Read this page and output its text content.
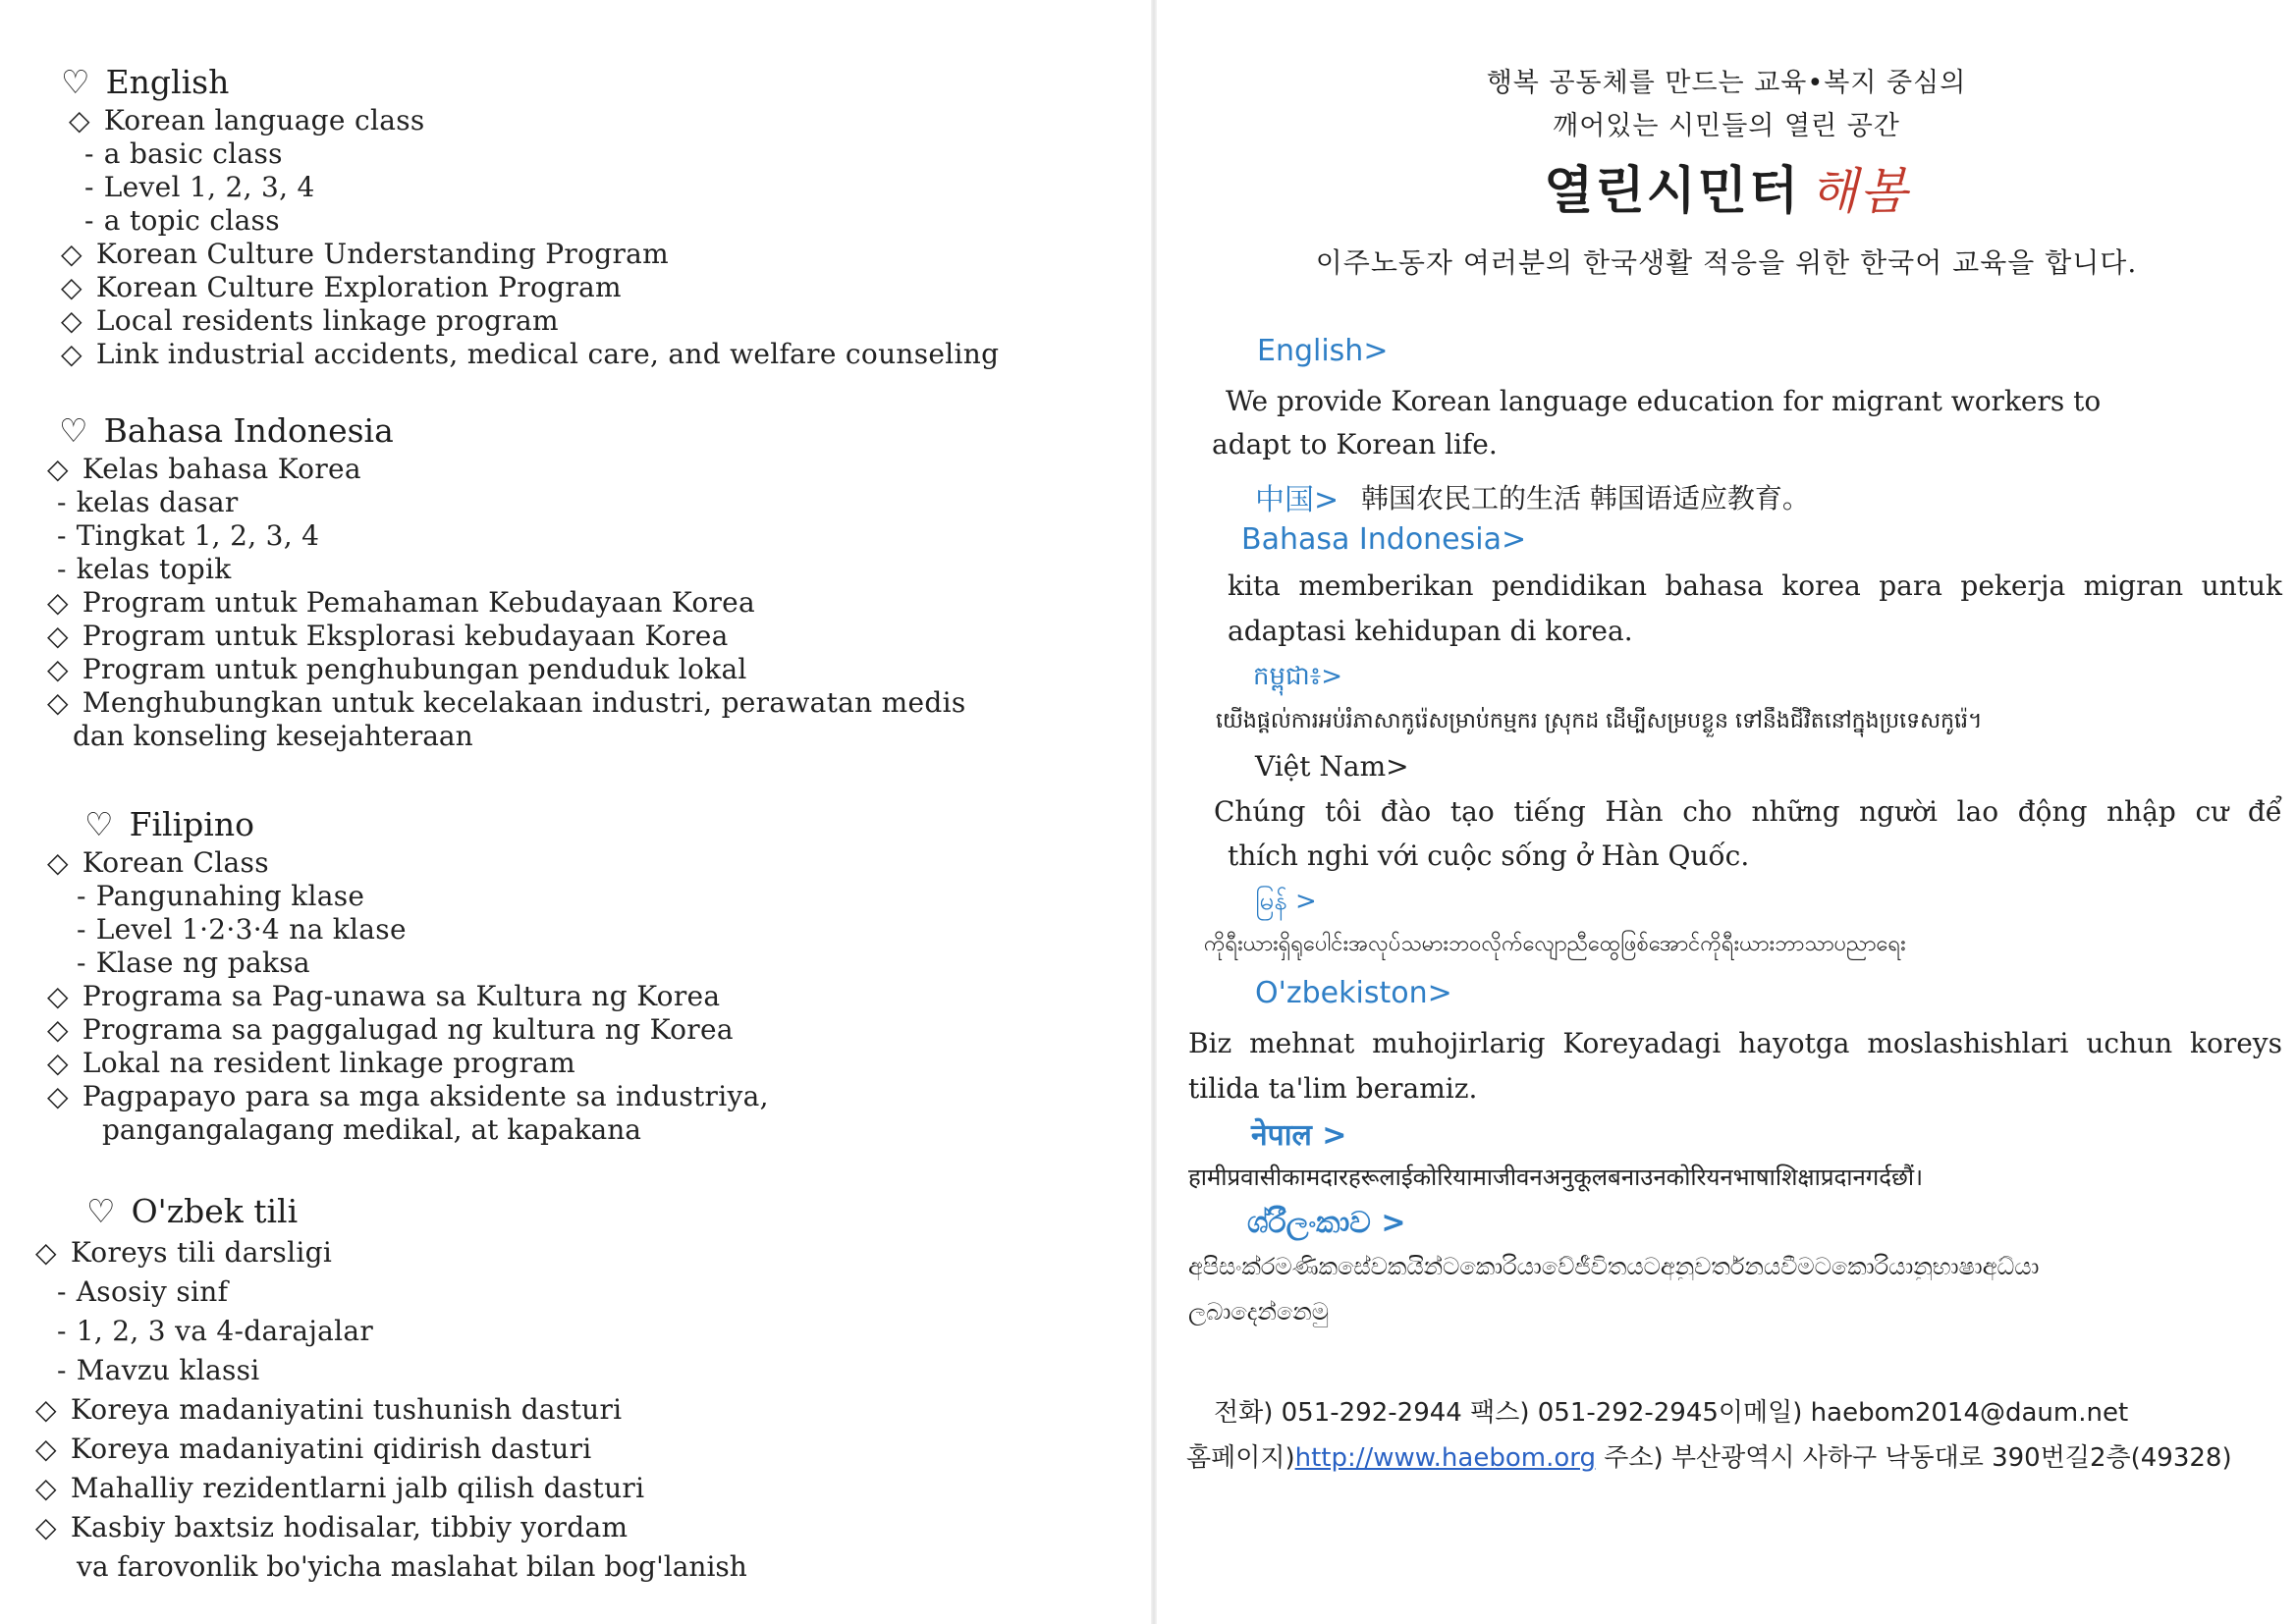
♡ English
◇ Korean language class
- a basic class
- Level 1, 2, 3, 4
- a topic class
◇ Korean Culture Understanding Program
◇ Korean Culture Exploration Program
◇ Local residents linkage program
◇ Link industrial accidents, medical care, and welfare counseling
♡ Bahasa Indonesia
◇ Kelas bahasa Korea
- kelas dasar
- Tingkat 1, 2, 3, 4
- kelas topik
◇ Program untuk Pemahaman Kebudayaan Korea
◇ Program untuk Eksplorasi kebudayaan Korea
◇ Program untuk penghubungan penduduk lokal
◇ Menghubungkan untuk kecelakaan industri, perawatan medis
dan konseling kesejahteraan
♡ Filipino
◇ Korean Class
- Pangunahing klase
- Level 1·2·3·4 na klase
- Klase ng paksa
◇ Programa sa Pag-unawa sa Kultura ng Korea
◇ Programa sa paggalugad ng kultura ng Korea
◇ Lokal na resident linkage program
◇ Pagpapayo para sa mga aksidente sa industriya,
pangangalagang medikal, at kapakana
♡ O'zbek tili
◇ Koreys tili darsligi
- Asosiy sinf
- 1, 2, 3 va 4-darajalar
- Mavzu klassi
◇ Koreya madaniyatini tushunish dasturi
◇ Koreya madaniyatini qidirish dasturi
◇ Mahalliy rezidentlarni jalb qilish dasturi
◇ Kasbiy baxtsiz hodisalar, tibbiy yordam
va farovonlik bo'yicha maslahat bilan bog'lanish
행복 공동체를 만드는 교육•복지 중심의
깨어있는 시민들의 열린 공간
열린시민터 해봄
이주노동자 여러분의 한국생활 적응을 위한 한국어 교육을 합니다.
English>
We provide Korean language education for migrant workers to
adapt to Korean life.
中国> 韩国农民工的生活 韩国语适应教育。
Bahasa Indonesia>
kita memberikan pendidikan bahasa korea para pekerja migran untuk
adaptasi kehidupan di korea.
កម្ពុជា៖>
យើងផ្តល់ការអប់រំភាសាកូរ៉េសម្រាប់កម្មករ ស្រុកដ ដើម្បីសម្របខ្លួន ទៅនឹងជីវិតនៅក្នុងប្រទេសកូរ៉េ។
Việt Nam>
Chúng tôi đào tạo tiếng Hàn cho những người lao động nhập cư để
thích nghi với cuộc sống ở Hàn Quốc.
မြန် >
ကိုရီးယားရှိရုပေါင်းအလုပ်သမားဘဝလိုက်လျောညီထွေဖြစ်အောင်ကိုရီးယားဘာသာပညာရေး
O'zbekiston>
Biz mehnat muhojirlarig Koreyadagi hayotga moslashishlari uchun koreys
tilida ta'lim beramiz.
नेपाल >
हामीप्रवासीकामदारहरूलाईकोरियामाजीवनअनुकूलबनाउनकोरियनभाषाशिक्षाप्रदानगर्दछौं।
ශ්රීලංකාව >
අපිසංක්රමණිකසේවකයින්ටකොරියාවේජීවිතයටඅනුවර්තනයවීමටකොරියානුභාෂාඅධ්යා
ලබාදෙන්නෙමු
전화) 051-292-2944 팩스) 051-292-2945이메일) haebom2014@daum.net
홈페이지)http://www.haebom.org 주소) 부산광역시 사하구 낙동대로 390번길2층(49328)
